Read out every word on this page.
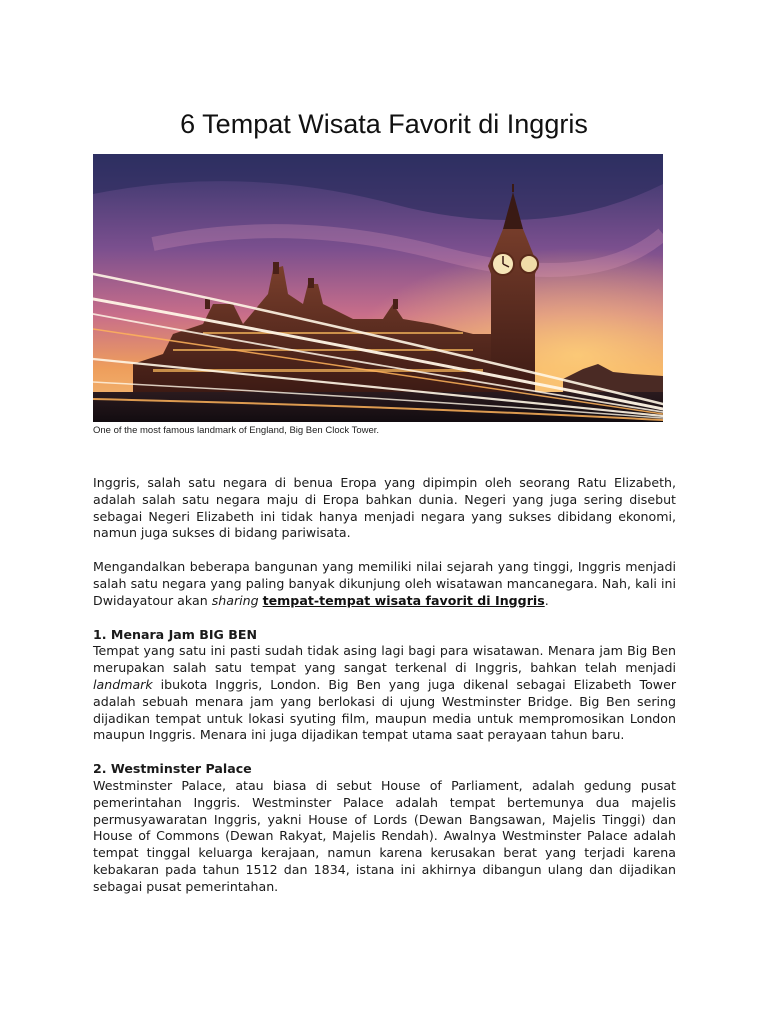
6 Tempat Wisata Favorit di Inggris

One of the most famous landmark of England, Big Ben Clock Tower.

Inggris, salah satu negara di benua Eropa yang dipimpin oleh seorang Ratu Elizabeth, adalah salah satu negara maju di Eropa bahkan dunia. Negeri yang juga sering disebut sebagai Negeri Elizabeth ini tidak hanya menjadi negara yang sukses dibidang ekonomi, namun juga sukses di bidang pariwisata.

Mengandalkan beberapa bangunan yang memiliki nilai sejarah yang tinggi, Inggris menjadi salah satu negara yang paling banyak dikunjung oleh wisatawan mancanegara. Nah, kali ini Dwidayatour akan sharing tempat-tempat wisata favorit di Inggris.

1. Menara Jam BIG BEN

Tempat yang satu ini pasti sudah tidak asing lagi bagi para wisatawan. Menara jam Big Ben merupakan salah satu tempat yang sangat terkenal di Inggris, bahkan telah menjadi landmark ibukota Inggris, London. Big Ben yang juga dikenal sebagai Elizabeth Tower adalah sebuah menara jam yang berlokasi di ujung Westminster Bridge. Big Ben sering dijadikan tempat untuk lokasi syuting film, maupun media untuk mempromosikan London maupun Inggris. Menara ini juga dijadikan tempat utama saat perayaan tahun baru.

2. Westminster Palace

Westminster Palace, atau biasa di sebut House of Parliament, adalah gedung pusat pemerintahan Inggris. Westminster Palace adalah tempat bertemunya dua majelis permusyawaratan Inggris, yakni House of Lords (Dewan Bangsawan, Majelis Tinggi) dan House of Commons (Dewan Rakyat, Majelis Rendah). Awalnya Westminster Palace adalah tempat tinggal keluarga kerajaan, namun karena kerusakan berat yang terjadi karena kebakaran pada tahun 1512 dan 1834, istana ini akhirnya dibangun ulang dan dijadikan sebagai pusat pemerintahan.
